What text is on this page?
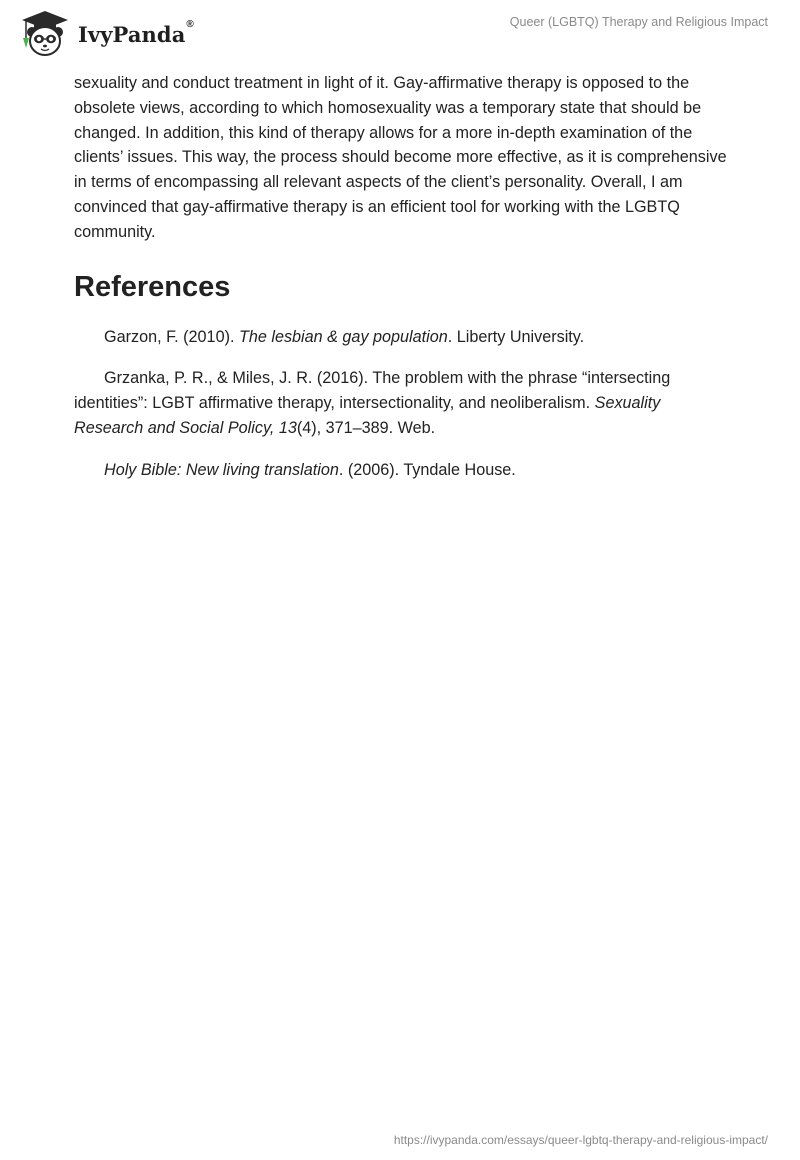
IvyPanda®	Queer (LGBTQ) Therapy and Religious Impact

sexuality and conduct treatment in light of it. Gay-affirmative therapy is opposed to the obsolete views, according to which homosexuality was a temporary state that should be changed. In addition, this kind of therapy allows for a more in-depth examination of the clients’ issues. This way, the process should become more effective, as it is comprehensive in terms of encompassing all relevant aspects of the client’s personality. Overall, I am convinced that gay-affirmative therapy is an efficient tool for working with the LGBTQ community.

References

Garzon, F. (2010). The lesbian & gay population. Liberty University.

Grzanka, P. R., & Miles, J. R. (2016). The problem with the phrase “intersecting identities”: LGBT affirmative therapy, intersectionality, and neoliberalism. Sexuality Research and Social Policy, 13(4), 371–389. Web.

Holy Bible: New living translation. (2006). Tyndale House.

https://ivypanda.com/essays/queer-lgbtq-therapy-and-religious-impact/
